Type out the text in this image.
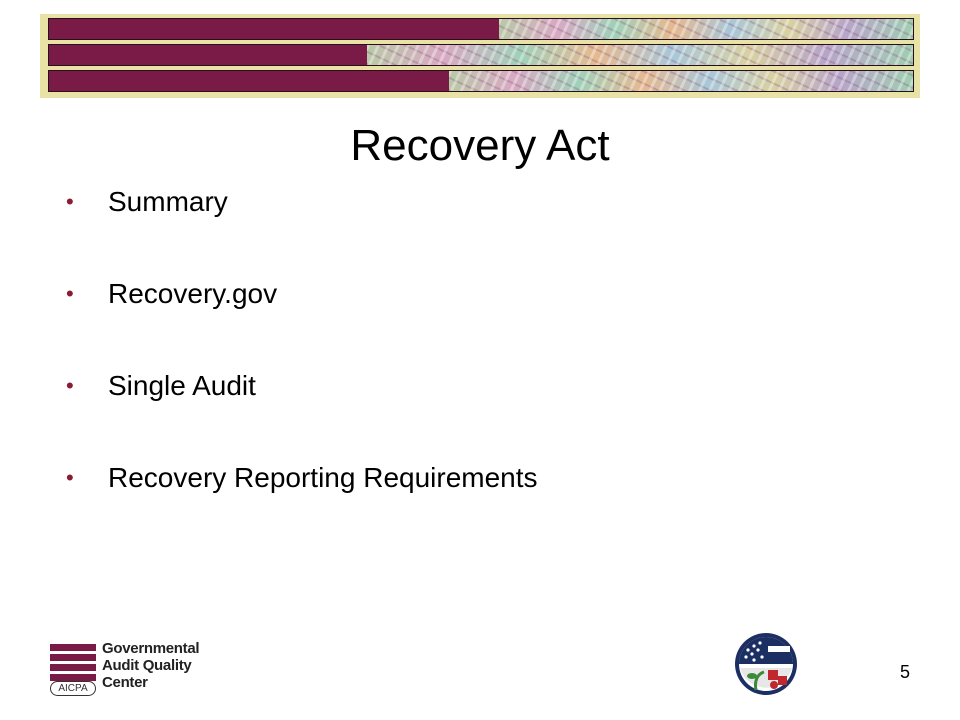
Recovery Act
•	Summary
•	Recovery.gov
•	Single Audit
•	Recovery Reporting Requirements
Governmental
Audit Quality Center
AICPA
5
